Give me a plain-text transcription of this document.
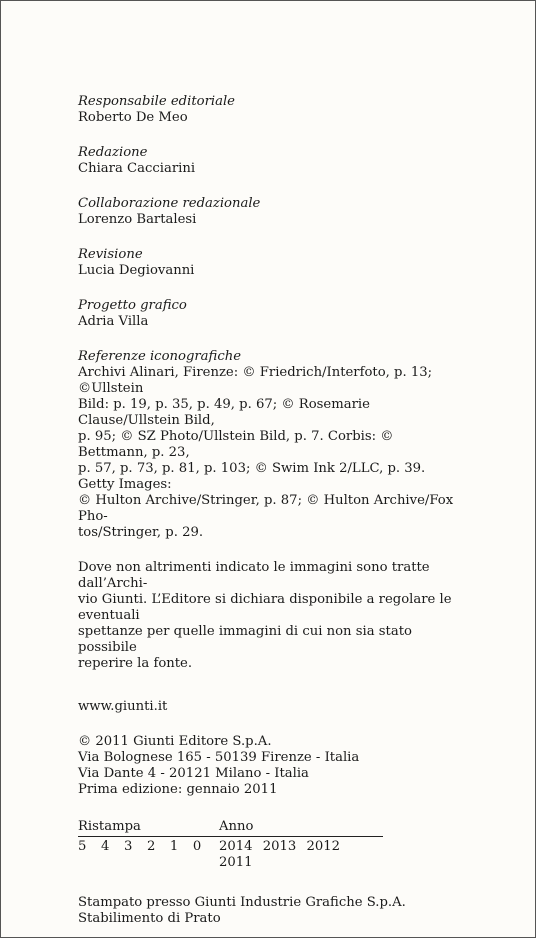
Responsabile editoriale
Roberto De Meo
Redazione
Chiara Cacciarini
Collaborazione redazionale
Lorenzo Bartalesi
Revisione
Lucia Degiovanni
Progetto grafico
Adria Villa
Referenze iconografiche
Archivi Alinari, Firenze: © Friedrich/Interfoto, p. 13; ©Ullstein
Bild: p. 19, p. 35, p. 49, p. 67; © Rosemarie Clause/Ullstein Bild,
p. 95; © SZ Photo/Ullstein Bild, p. 7. Corbis: © Bettmann, p. 23,
p. 57, p. 73, p. 81, p. 103; © Swim Ink 2/LLC, p. 39. Getty Images:
© Hulton Archive/Stringer, p. 87; © Hulton Archive/Fox Pho-
tos/Stringer, p. 29.
Dove non altrimenti indicato le immagini sono tratte dall’Archi-
vio Giunti. L’Editore si dichiara disponibile a regolare le eventuali
spettanze per quelle immagini di cui non sia stato possibile
reperire la fonte.
www.giunti.it
© 2011 Giunti Editore S.p.A.
Via Bolognese 165 - 50139 Firenze - Italia
Via Dante 4 - 20121 Milano - Italia
Prima edizione: gennaio 2011
Ristampa	Anno
5 4 3 2 1 0 2014 2013 2012 2011
Stampato presso Giunti Industrie Grafiche S.p.A.
Stabilimento di Prato
